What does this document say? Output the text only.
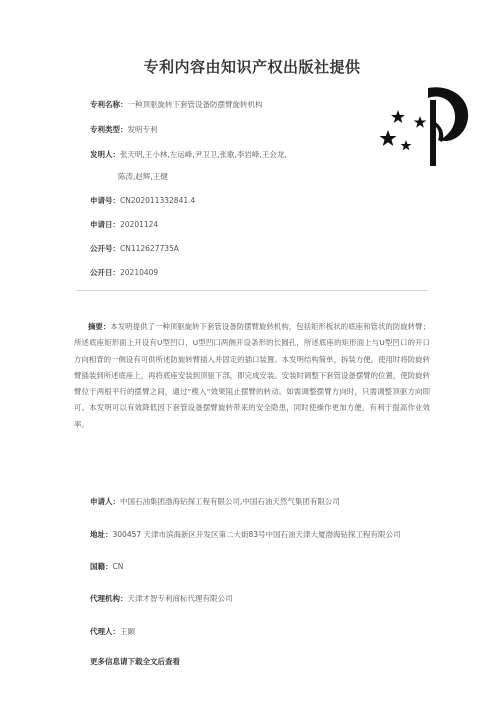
专利内容由知识产权出版社提供
专利名称：一种顶驱旋转下套管设备防摆臂旋转机构
专利类型：发明专利
发明人：张天明,王小林,左运峰,尹卫卫,张歌,李岩峰,王会龙,
陈涛,赵辉,王健
申请号：CN202011332841.4
申请日：20201124
公开号：CN112627735A
公开日：20210409
摘要：本发明提供了一种顶驱旋转下套管设备防摆臂旋转机构，包括矩形板状的底座和管状的防旋转臂；所述底座矩形面上开设有U型凹口，U型凹口两侧开设条形的长圆孔，所述底座的矩形面上与U型凹口的开口方向相背的一侧设有可供所述防旋转臂插入并固定的插口装置。本发明结构简单，拆装方便。使用时将防旋转臂插装到所述底座上，再将底座安装到顶驱下部，即完成安装。安装时调整下套管设备摆臂的位置，使防旋转臂位于两根平行的摆臂之间，通过“楔入”效果阻止摆臂的转动。如需调整摆臂方向时，只需调整顶驱方向即可。本发明可以有效降低因下套管设备摆臂旋转带来的安全隐患，同时使操作更加方便，有利于提高作业效率。
申请人：中国石油集团渤海钻探工程有限公司,中国石油天然气集团有限公司
地址：300457 天津市滨海新区开发区第二大街83号中国石油天津大厦渤海钻探工程有限公司
国籍：CN
代理机构：天津才智专利商标代理有限公司
代理人：王顕
更多信息请下载全文后查看
